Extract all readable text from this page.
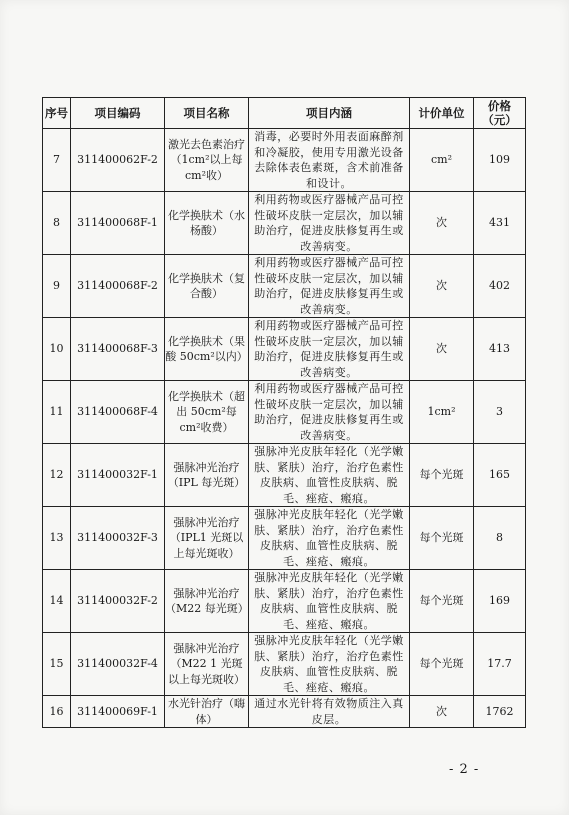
序号	项目编码	项目名称	项目内涵	计价单位	价格（元）
7	311400062F-2	激光去色素治疗（1cm²以上每cm²收）	消毒，必要时外用表面麻醉剂和冷凝胶，使用专用激光设备去除体表色素斑，含术前准备和设计。	cm²	109
8	311400068F-1	化学换肤术（水杨酸）	利用药物或医疗器械产品可控性破坏皮肤一定层次，加以辅助治疗，促进皮肤修复再生或改善病变。	次	431
9	311400068F-2	化学换肤术（复合酸）	利用药物或医疗器械产品可控性破坏皮肤一定层次，加以辅助治疗，促进皮肤修复再生或改善病变。	次	402
10	311400068F-3	化学换肤术（果酸 50cm²以内）	利用药物或医疗器械产品可控性破坏皮肤一定层次，加以辅助治疗，促进皮肤修复再生或改善病变。	次	413
11	311400068F-4	化学换肤术（超出 50cm²每 cm²收费）	利用药物或医疗器械产品可控性破坏皮肤一定层次，加以辅助治疗，促进皮肤修复再生或改善病变。	1cm²	3
12	311400032F-1	强脉冲光治疗（IPL 每光斑）	强脉冲光皮肤年轻化（光学嫩肤、紧肤）治疗，治疗色素性皮肤病、血管性皮肤病、脱毛、痤疮、瘢痕。	每个光斑	165
13	311400032F-3	强脉冲光治疗（IPL1 光斑以上每光斑收）	强脉冲光皮肤年轻化（光学嫩肤、紧肤）治疗，治疗色素性皮肤病、血管性皮肤病、脱毛、痤疮、瘢痕。	每个光斑	8
14	311400032F-2	强脉冲光治疗（M22 每光斑）	强脉冲光皮肤年轻化（光学嫩肤、紧肤）治疗，治疗色素性皮肤病、血管性皮肤病、脱毛、痤疮、瘢痕。	每个光斑	169
15	311400032F-4	强脉冲光治疗（M22 1 光斑以上每光斑收）	强脉冲光皮肤年轻化（光学嫩肤、紧肤）治疗，治疗色素性皮肤病、血管性皮肤病、脱毛、痤疮、瘢痕。	每个光斑	17.7
16	311400069F-1	水光针治疗（嗨体）	通过水光针将有效物质注入真皮层。	次	1762
- 2 -
